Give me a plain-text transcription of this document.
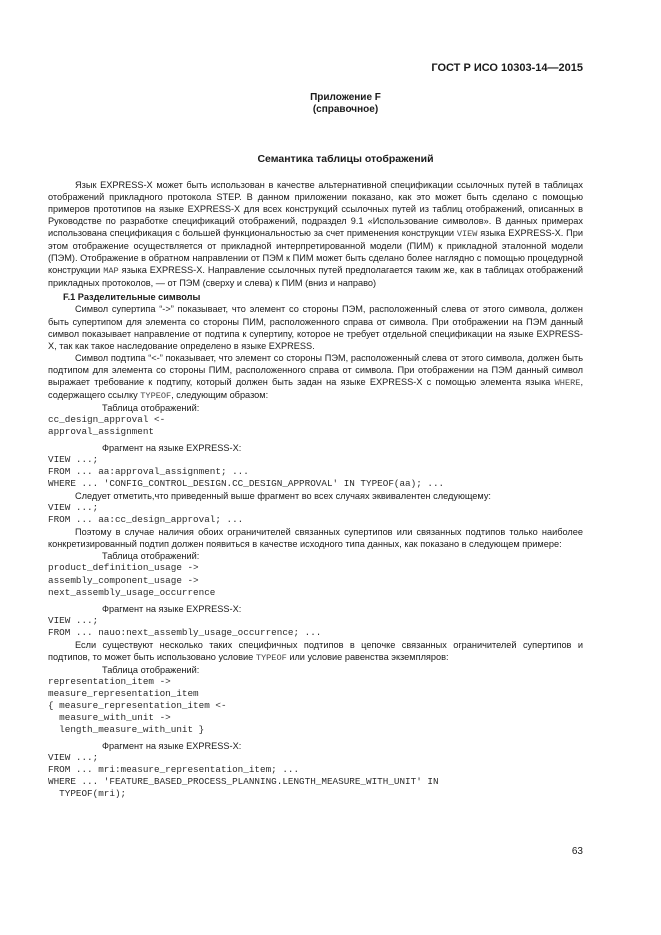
ГОСТ Р ИСО 10303-14—2015
Приложение F
(справочное)
Семантика таблицы отображений

Язык EXPRESS-X может быть использован в качестве альтернативной спецификации ссылочных путей в таблицах отображений прикладного протокола STEP. В данном приложении показано, как это может быть сделано с помощью примеров прототипов на языке EXPRESS-X для всех конструкций ссылочных путей из таблиц отображений, описанных в Руководстве по разработке спецификаций отображений, подраздел 9.1 «Использование символов». В данных примерах использована спецификация с большей функциональностью за счет применения конструкции VIEW языка EXPRESS-X. При этом отображение осуществляется от прикладной интерпретированной модели (ПИМ) к прикладной эталонной модели (ПЭМ). Отображение в обратном направлении от ПЭМ к ПИМ может быть сделано более наглядно с помощью процедурной конструкции MAP языка EXPRESS-X. Направление ссылочных путей предполагается таким же, как в таблицах отображений прикладных протоколов, — от ПЭМ (сверху и слева) к ПИМ (вниз и направо)

F.1 Разделительные символы

Символ супертипа “->” показывает, что элемент со стороны ПЭМ, расположенный слева от этого символа, должен быть супертипом для элемента со стороны ПИМ, расположенного справа от символа. При отображении на ПЭМ данный символ показывает направление от подтипа к супертипу, которое не требует отдельной спецификации на языке EXPRESS-X, так как такое наследование определено в языке EXPRESS.

Символ подтипа “<-” показывает, что элемент со стороны ПЭМ, расположенный слева от этого символа, должен быть подтипом для элемента со стороны ПИМ, расположенного справа от символа. При отображении на ПЭМ данный символ выражает требование к подтипу, который должен быть задан на языке EXPRESS-X с помощью элемента языка WHERE, содержащего ссылку TYPEOF, следующим образом:

Таблица отображений:

cc_design_approval <-
approval_assignment

Фрагмент на языке EXPRESS-X:

VIEW ...;
FROM ... aa:approval_assignment; ...
WHERE ... 'CONFIG_CONTROL_DESIGN.CC_DESIGN_APPROVAL' IN TYPEOF(aa); ...

Следует отметить,что приведенный выше фрагмент во всех случаях эквивалентен следующему:

VIEW ...;
FROM ... aa:cc_design_approval; ...

Поэтому в случае наличия обоих ограничителей связанных супертипов или связанных подтипов только наиболее конкретизированный подтип должен появиться в качестве исходного типа данных, как показано в следующем примере:

Таблица отображений:

product_definition_usage ->
assembly_component_usage ->
next_assembly_usage_occurrence

Фрагмент на языке EXPRESS-X:

VIEW ...;
FROM ... nauo:next_assembly_usage_occurrence; ...

Если существуют несколько таких специфичных подтипов в цепочке связанных ограничителей супертипов и подтипов, то может быть использовано условие TYPEOF или условие равенства экземпляров:

Таблица отображений:

representation_item ->
measure_representation_item
{ measure_representation_item <-
measure_with_unit ->
length_measure_with_unit }

Фрагмент на языке EXPRESS-X:

VIEW ...;
FROM ... mri:measure_representation_item; ...
WHERE ... 'FEATURE_BASED_PROCESS_PLANNING.LENGTH_MEASURE_WITH_UNIT' IN
TYPEOF(mri);
63
